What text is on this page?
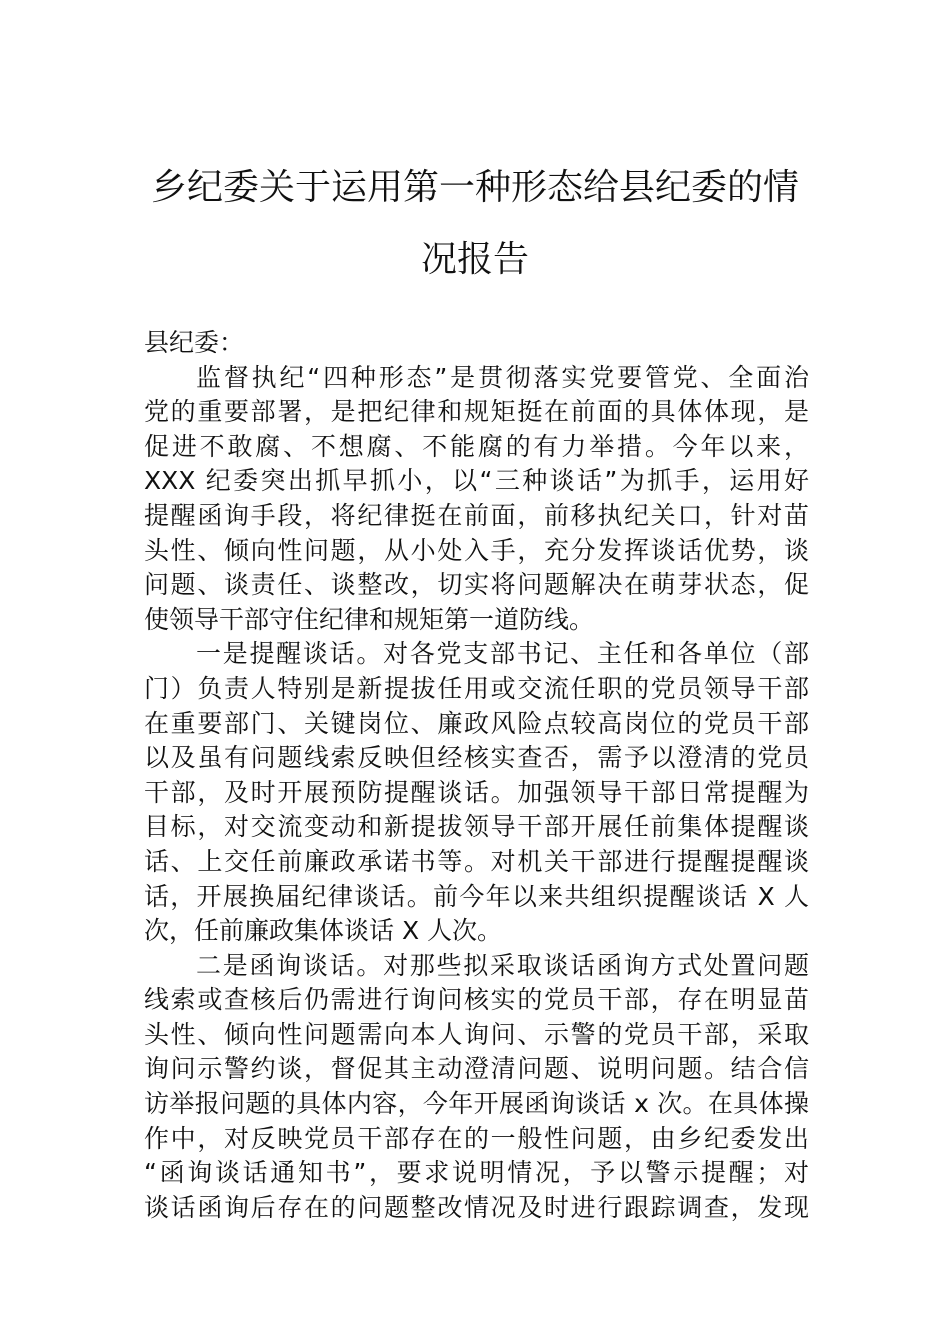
乡纪委关于运用第一种形态给县纪委的情
况报告
县纪委：
监督执纪“四种形态”是贯彻落实党要管党、全面治
党的重要部署，是把纪律和规矩挺在前面的具体体现，是
促进不敢腐、不想腐、不能腐的有力举措。今年以来，
XXX 纪委突出抓早抓小，以“三种谈话”为抓手，运用好
提醒函询手段，将纪律挺在前面，前移执纪关口，针对苗
头性、倾向性问题，从小处入手，充分发挥谈话优势，谈
问题、谈责任、谈整改，切实将问题解决在萌芽状态，促
使领导干部守住纪律和规矩第一道防线。
一是提醒谈话。对各党支部书记、主任和各单位（部
门）负责人特别是新提拔任用或交流任职的党员领导干部
在重要部门、关键岗位、廉政风险点较高岗位的党员干部
以及虽有问题线索反映但经核实查否，需予以澄清的党员
干部，及时开展预防提醒谈话。加强领导干部日常提醒为
目标，对交流变动和新提拔领导干部开展任前集体提醒谈
话、上交任前廉政承诺书等。对机关干部进行提醒提醒谈
话，开展换届纪律谈话。前今年以来共组织提醒谈话 X 人
次，任前廉政集体谈话 X 人次。
二是函询谈话。对那些拟采取谈话函询方式处置问题
线索或查核后仍需进行询问核实的党员干部，存在明显苗
头性、倾向性问题需向本人询问、示警的党员干部，采取
询问示警约谈，督促其主动澄清问题、说明问题。结合信
访举报问题的具体内容，今年开展函询谈话 x 次。在具体操
作中，对反映党员干部存在的一般性问题，由乡纪委发出
“函询谈话通知书”，要求说明情况，予以警示提醒；对
谈话函询后存在的问题整改情况及时进行跟踪调查，发现
